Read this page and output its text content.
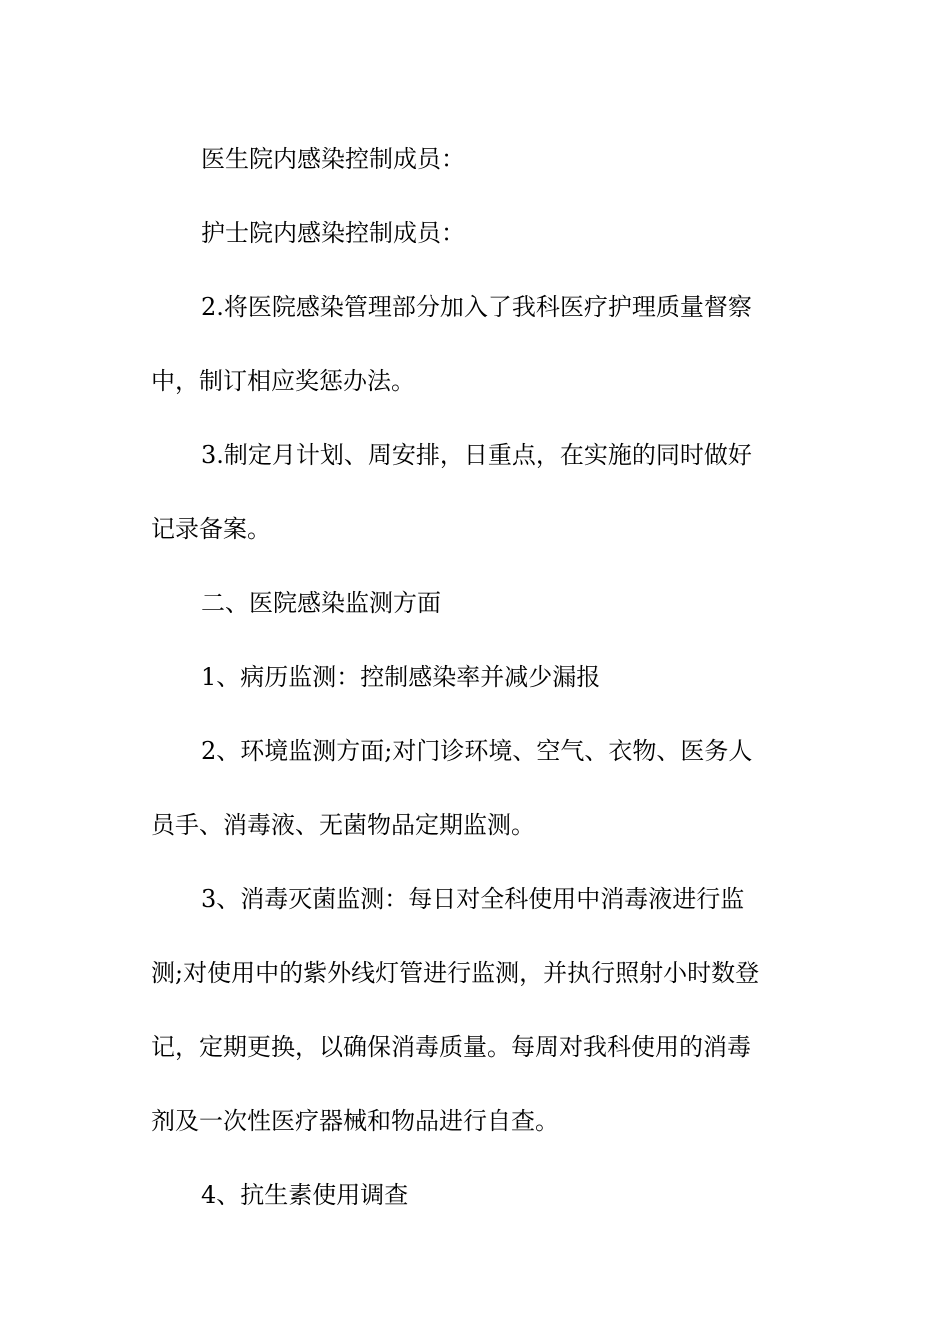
医生院内感染控制成员：
护士院内感染控制成员：
2.将医院感染管理部分加入了我科医疗护理质量督察
中，制订相应奖惩办法。
3.制定月计划、周安排，日重点，在实施的同时做好
记录备案。
二、医院感染监测方面
1、病历监测：控制感染率并减少漏报
2、环境监测方面;对门诊环境、空气、衣物、医务人
员手、消毒液、无菌物品定期监测。
3、消毒灭菌监测：每日对全科使用中消毒液进行监
测;对使用中的紫外线灯管进行监测，并执行照射小时数登
记，定期更换，以确保消毒质量。每周对我科使用的消毒
剂及一次性医疗器械和物品进行自查。
4、抗生素使用调查
